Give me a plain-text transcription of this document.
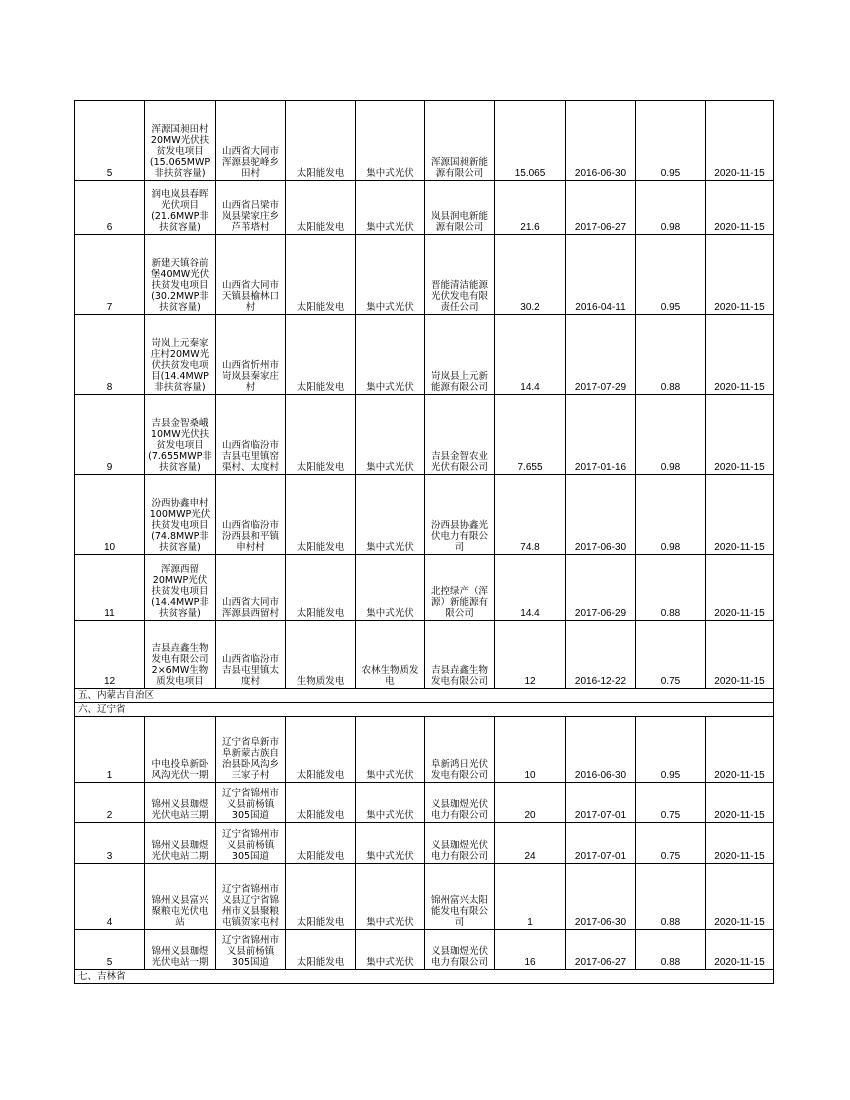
5	浑源国昶田村
20MW光伏扶
贫发电项目
(15.065MWP
非扶贫容量)	山西省大同市
浑源县驼峰乡
田村	太阳能发电	集中式光伏	浑源国昶新能
源有限公司	15.065	2016-06-30	0.95	2020-11-15
6	润电岚县春晖
光伏项目
(21.6MWP非
扶贫容量)	山西省吕梁市
岚县梁家庄乡
芦苇塔村	太阳能发电	集中式光伏	岚县润电新能
源有限公司	21.6	2017-06-27	0.98	2020-11-15
7	新建天镇谷前
堡40MW光伏
扶贫发电项目
(30.2MWP非
扶贫容量)	山西省大同市
天镇县榆林口
村	太阳能发电	集中式光伏	晋能清洁能源
光伏发电有限
责任公司	30.2	2016-04-11	0.95	2020-11-15
8	岢岚上元秦家
庄村20MW光
伏扶贫发电项
目(14.4MWP
非扶贫容量)	山西省忻州市
岢岚县秦家庄
村	太阳能发电	集中式光伏	岢岚县上元新
能源有限公司	14.4	2017-07-29	0.88	2020-11-15
9	吉县金智桑峨
10MW光伏扶
贫发电项目
(7.655MWP非
扶贫容量)	山西省临汾市
吉县屯里镇窑
渠村、太度村	太阳能发电	集中式光伏	吉县金智农业
光伏有限公司	7.655	2017-01-16	0.98	2020-11-15
10	汾西协鑫申村
100MWP光伏
扶贫发电项目
(74.8MWP非
扶贫容量)	山西省临汾市
汾西县和平镇
申村村	太阳能发电	集中式光伏	汾西县协鑫光
伏电力有限公
司	74.8	2017-06-30	0.98	2020-11-15
11	浑源西留
20MWP光伏
扶贫发电项目
(14.4MWP非
扶贫容量)	山西省大同市
浑源县西留村	太阳能发电	集中式光伏	北控绿产（浑
源）新能源有
限公司	14.4	2017-06-29	0.88	2020-11-15
12	吉县垚鑫生物
发电有限公司
2×6MW生物
质发电项目	山西省临汾市
吉县屯里镇太
度村	生物质发电	农林生物质发
电	吉县垚鑫生物
发电有限公司	12	2016-12-22	0.75	2020-11-15
五、内蒙古自治区									
六、辽宁省									
1	中电投阜新卧
风沟光伏一期	辽宁省阜新市
阜新蒙古族自
治县卧风沟乡
三家子村	太阳能发电	集中式光伏	阜新鸿日光伏
发电有限公司	10	2016-06-30	0.95	2020-11-15
2	锦州义县珈煜
光伏电站三期	辽宁省锦州市
义县前杨镇
305国道	太阳能发电	集中式光伏	义县珈煜光伏
电力有限公司	20	2017-07-01	0.75	2020-11-15
3	锦州义县珈煜
光伏电站二期	辽宁省锦州市
义县前杨镇
305国道	太阳能发电	集中式光伏	义县珈煜光伏
电力有限公司	24	2017-07-01	0.75	2020-11-15
4	锦州义县富兴
聚粮屯光伏电
站	辽宁省锦州市
义县辽宁省锦
州市义县聚粮
屯镇贺家屯村	太阳能发电	集中式光伏	锦州富兴太阳
能发电有限公
司	1	2017-06-30	0.88	2020-11-15
5	锦州义县珈煜
光伏电站一期	辽宁省锦州市
义县前杨镇
305国道	太阳能发电	集中式光伏	义县珈煜光伏
电力有限公司	16	2017-06-27	0.88	2020-11-15
七、吉林省									
